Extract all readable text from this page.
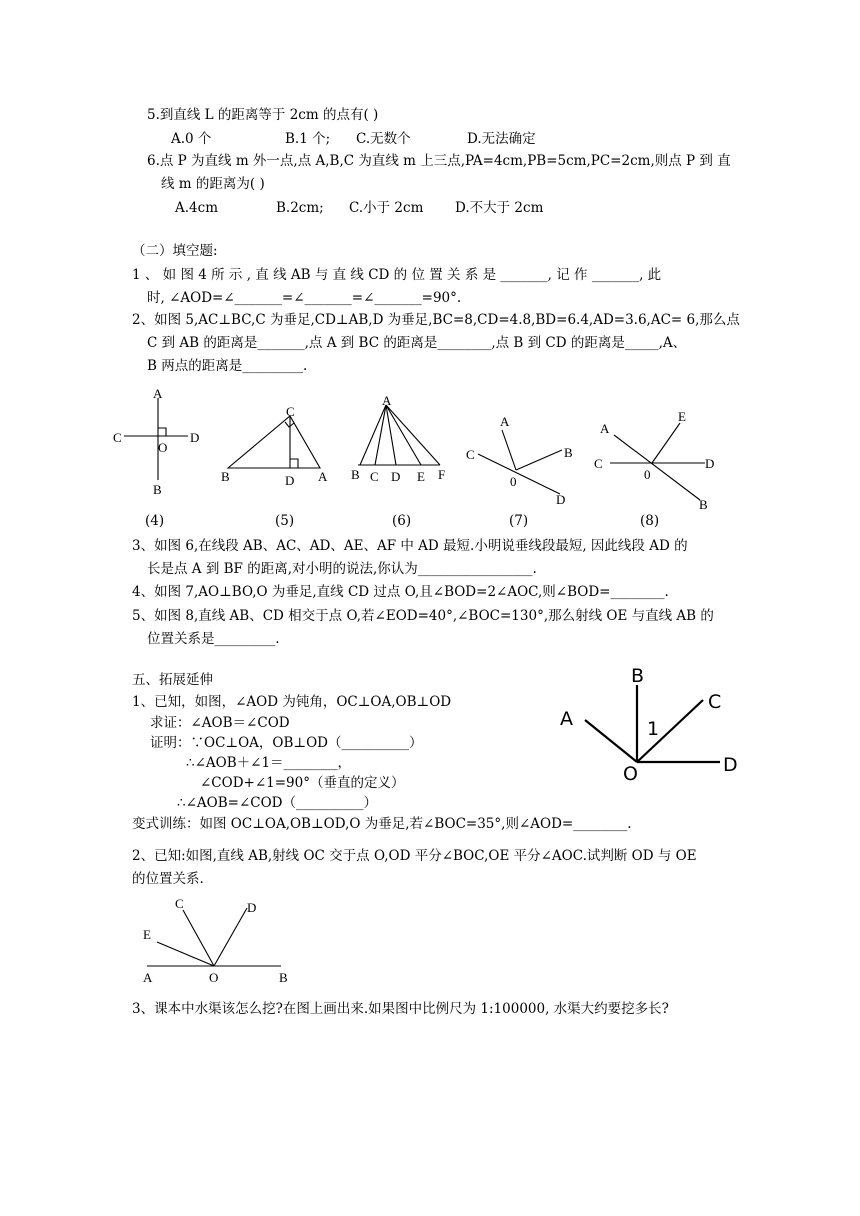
5.到直线 L 的距离等于 2cm 的点有( )
A.0 个	B.1 个; C.无数个	D.无法确定
6.点 P 为直线 m 外一点,点 A,B,C 为直线 m 上三点,PA=4cm,PB=5cm,PC=2cm,则点 P 到 直
线 m 的距离为( )
A.4cm	B.2cm; C.小于 2cm D.不大于 2cm
（二）填空题:
1 、 如 图 4 所 示 , 直 线 AB 与 直 线 CD 的 位 置 关 系 是 _______, 记 作 _______, 此
时, ∠AOD=∠_______=∠_______=∠_______=90°.
2、如图 5,AC⊥BC,C 为垂足,CD⊥AB,D 为垂足,BC=8,CD=4.8,BD=6.4,AD=3.6,AC= 6,那么点
C 到 AB 的距离是_______,点 A 到 BC 的距离是________,点 B 到 CD 的距离是_____,A、
B 两点的距离是_________.
A
B
C	D
O
C
B	D A
A
B C D E F
A
B
C
0
D
A
E
C
0
D
B
(4)	(5)	(6)	(7)	(8)
3、如图 6,在线段 AB、AC、AD、AE、AF 中 AD 最短.小明说垂线段最短, 因此线段 AD 的
长是点 A 到 BF 的距离,对小明的说法,你认为_________________.
4、如图 7,AO⊥BO,O 为垂足,直线 CD 过点 O,且∠BOD=2∠AOC,则∠BOD=________.
5、如图 8,直线 AB、CD 相交于点 O,若∠EOD=40°,∠BOC=130°,那么射线 OE 与直线 AB 的
位置关系是_________.
五、拓展延伸
1、已知，如图，∠AOD 为钝角，OC⊥OA,OB⊥OD
求证：∠AOB＝∠COD
证明：∵OC⊥OA，OB⊥OD（__________）
∴∠AOB＋∠1＝________，
∠COD+∠1=90°（垂直的定义）
∴∠AOB=∠COD（__________）
变式训练：如图 OC⊥OA,OB⊥OD,O 为垂足,若∠BOC=35°,则∠AOD=________.
A
B
C
D
O
1
2、已知:如图,直线 AB,射线 OC 交于点 O,OD 平分∠BOC,OE 平分∠AOC.试判断 OD 与 OE
的位置关系.
C	D
E
A	O	B
3、课本中水渠该怎么挖?在图上画出来.如果图中比例尺为 1:100000, 水渠大约要挖多长?
